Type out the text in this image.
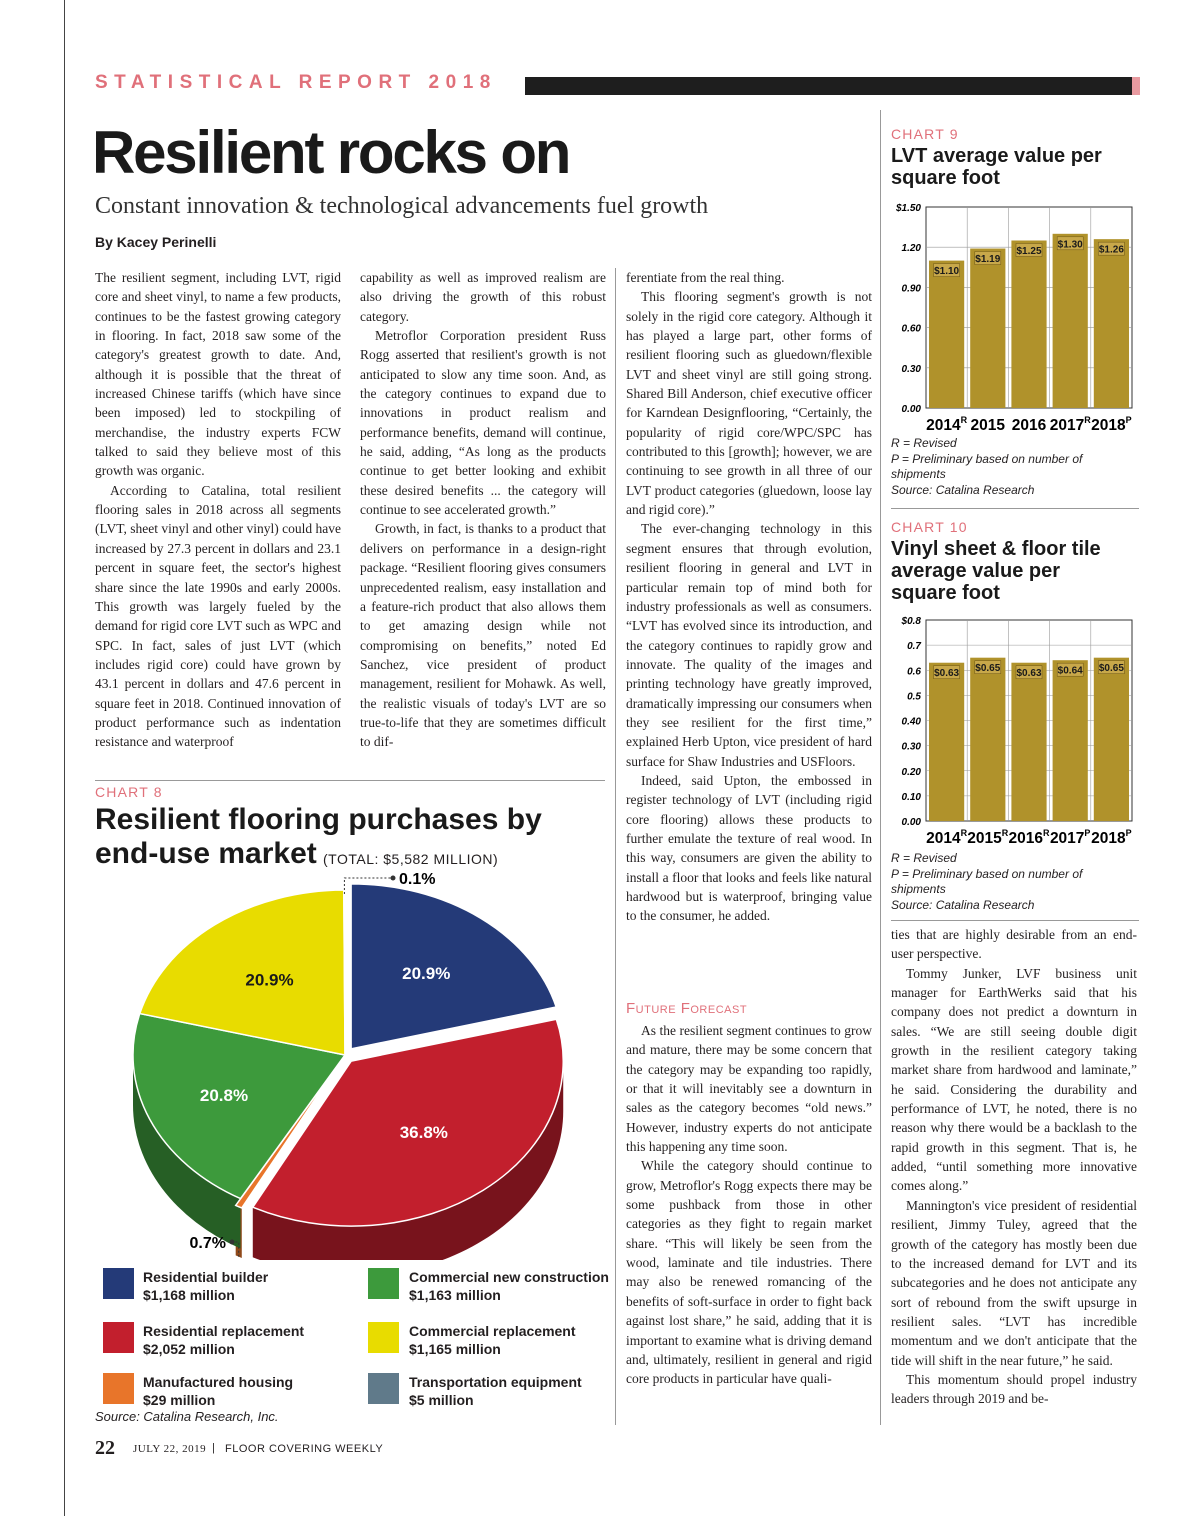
STATISTICAL REPORT 2018
Resilient rocks on
Constant innovation & technological advancements fuel growth
By Kacey Perinelli

The resilient segment, including LVT, rigid core and sheet vinyl, to name a few products, continues to be the fastest growing category in flooring. In fact, 2018 saw some of the category's greatest growth to date. And, although it is possible that the threat of increased Chinese tariffs (which have since been imposed) led to stockpiling of merchandise, the industry experts FCW talked to said they believe most of this growth was organic.

According to Catalina, total resilient flooring sales in 2018 across all segments (LVT, sheet vinyl and other vinyl) could have increased by 27.3 percent in dollars and 23.1 percent in square feet, the sector's highest share since the late 1990s and early 2000s. This growth was largely fueled by the demand for rigid core LVT such as WPC and SPC. In fact, sales of just LVT (which includes rigid core) could have grown by 43.1 percent in dollars and 47.6 percent in square feet in 2018. Continued innovation of product performance such as indentation resistance and waterproof

capability as well as improved realism are also driving the growth of this robust category.

Metroflor Corporation president Russ Rogg asserted that resilient's growth is not anticipated to slow any time soon. And, as the category continues to expand due to innovations in product realism and performance benefits, demand will continue, he said, adding, “As long as the products continue to get better looking and exhibit these desired benefits ... the category will continue to see accelerated growth.”

Growth, in fact, is thanks to a product that delivers on performance in a design-right package. “Resilient flooring gives consumers unprecedented realism, easy installation and a feature-rich product that also allows them to get amazing design while not compromising on benefits,” noted Ed Sanchez, vice president of product management, resilient for Mohawk. As well, the realistic visuals of today's LVT are so true-to-life that they are sometimes difficult to dif-

ferentiate from the real thing.

This flooring segment's growth is not solely in the rigid core category. Although it has played a large part, other forms of resilient flooring such as gluedown/flexible LVT and sheet vinyl are still going strong. Shared Bill Anderson, chief executive officer for Karndean Designflooring, “Certainly, the popularity of rigid core/WPC/SPC has contributed to this [growth]; however, we are continuing to see growth in all three of our LVT product categories (gluedown, loose lay and rigid core).”

The ever-changing technology in this segment ensures that through evolution, resilient flooring in general and LVT in particular remain top of mind both for industry professionals as well as consumers. “LVT has evolved since its introduction, and the category continues to rapidly grow and innovate. The quality of the images and printing technology have greatly improved, dramatically impressing our consumers when they see resilient for the first time,” explained Herb Upton, vice president of hard surface for Shaw Industries and USFloors.

Indeed, said Upton, the embossed in register technology of LVT (including rigid core flooring) allows these products to further emulate the texture of real wood. In this way, consumers are given the ability to install a floor that looks and feels like natural hardwood but is waterproof, bringing value to the consumer, he added.

Future Forecast

As the resilient segment continues to grow and mature, there may be some concern that the category may be expanding too rapidly, or that it will inevitably see a downturn in sales as the category becomes “old news.” However, industry experts do not anticipate this happening any time soon.

While the category should continue to grow, Metroflor's Rogg expects there may be some pushback from those in other categories as they fight to regain market share. “This will likely be seen from the wood, laminate and tile industries. There may also be renewed romancing of the benefits of soft-surface in order to fight back against lost share,” he said, adding that it is important to examine what is driving demand and, ultimately, resilient in general and rigid core products in particular have quali-

ties that are highly desirable from an end-user perspective.

Tommy Junker, LVF business unit manager for EarthWerks said that his company does not predict a downturn in sales. “We are still seeing double digit growth in the resilient category taking market share from hardwood and laminate,” he said. Considering the durability and performance of LVT, he noted, there is no reason why there would be a backlash to the rapid growth in this segment. That is, he added, “until something more innovative comes along.”

Mannington's vice president of residential resilient, Jimmy Tuley, agreed that the growth of the category has mostly been due to the increased demand for LVT and its subcategories and he does not anticipate any sort of rebound from the swift upsurge in resilient sales. “LVT has incredible momentum and we don't anticipate that the tide will shift in the near future,” he said.

This momentum should propel industry leaders through 2019 and be-

CHART 9
LVT average value per square foot
0.00
0.30
0.60
0.90
1.20
$1.50
$1.10
$2014^R$
$1.19
2015
$1.25
2016
$1.30
$2017^R$
$1.26
$2018^P$
R = Revised
P = Preliminary based on number of shipments
Source: Catalina Research
CHART 10
Vinyl sheet & floor tile average value per square foot
0.00
0.10
0.20
0.30
0.40
0.5
0.6
0.7
$0.8
$0.63
$2014^R$
$0.65
$2015^R$
$0.63
$2016^R$
$0.64
$2017^P$
$0.65
$2018^P$
R = Revised
P = Preliminary based on number of shipments
Source: Catalina Research
CHART 8
Resilient flooring purchases by
end-use market (TOTAL: $5,582 MILLION)
20.9%
36.8%
20.8%
20.9%
0.1%
0.7%
Residential builder
$1,168 million
Residential replacement
$2,052 million
Manufactured housing
$29 million
Commercial new construction
$1,163 million
Commercial replacement
$1,165 million
Transportation equipment
$5 million
Source: Catalina Research, Inc.
22 JULY 22, 2019 | FLOOR COVERING WEEKLY
